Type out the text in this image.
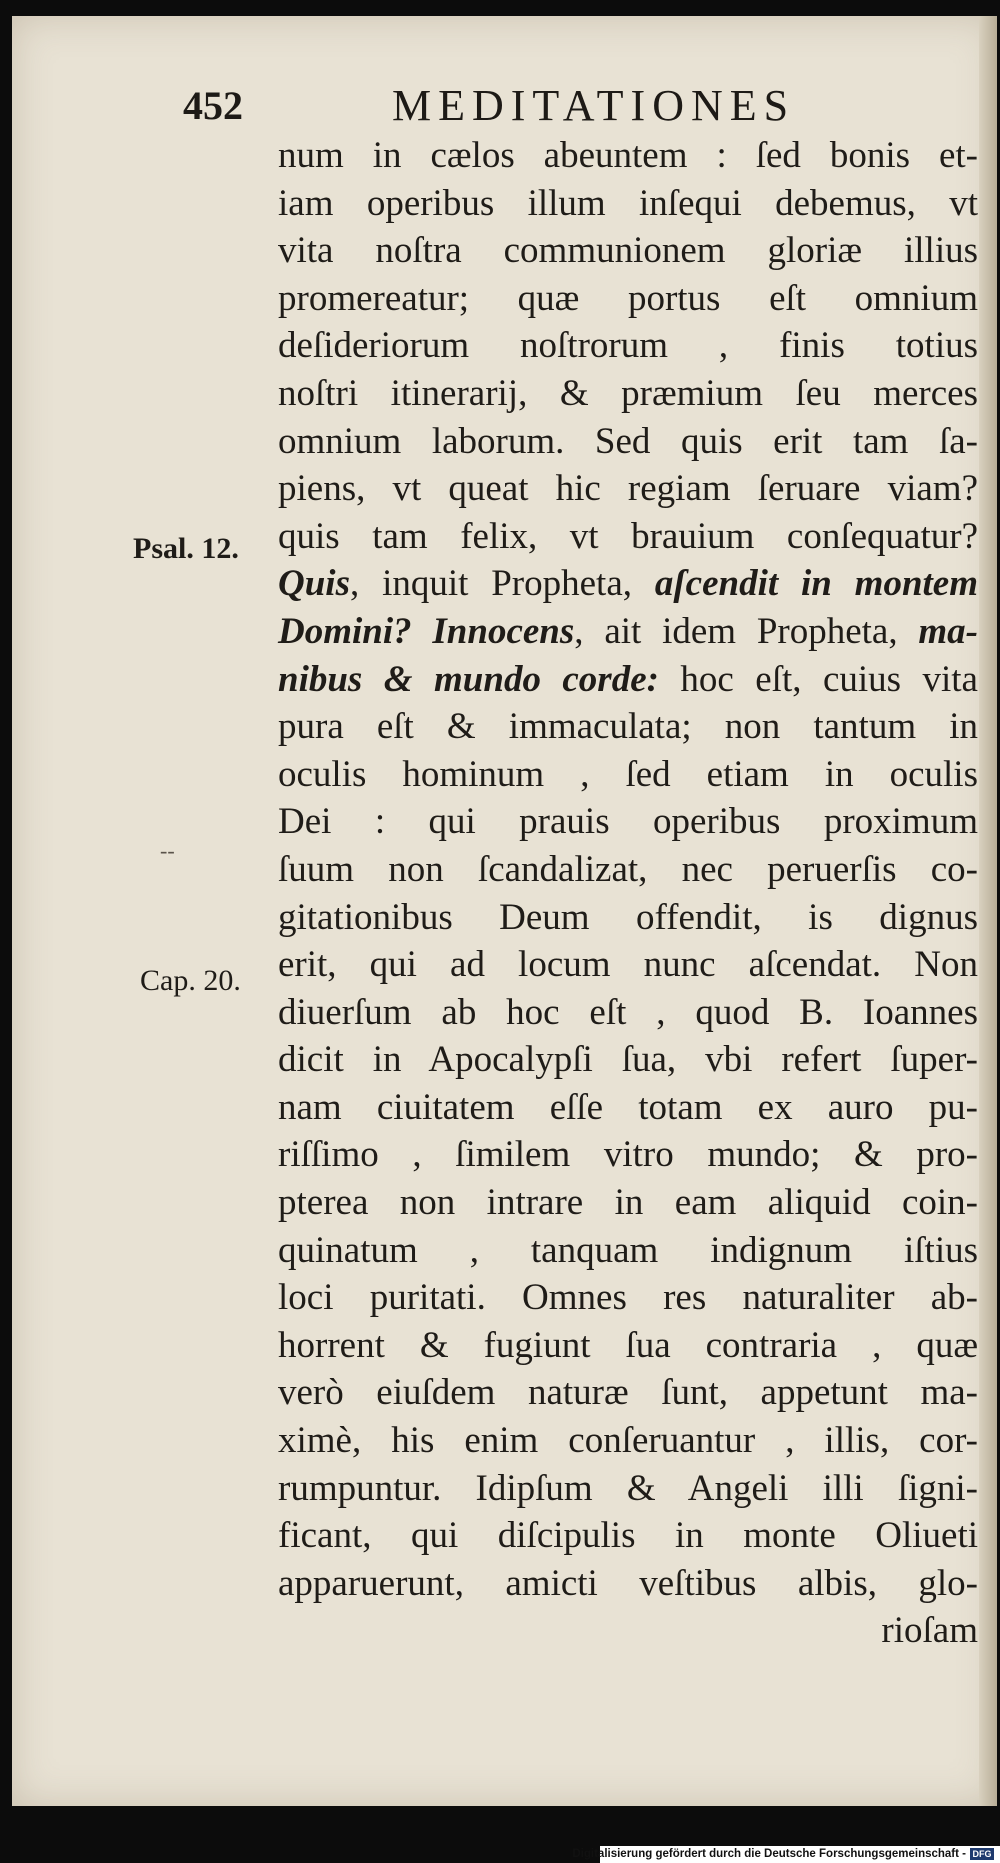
452	MEDITATIONES
Psal. 12.
--
Cap. 20.
num in cælos abeuntem : ſed bonis et-
iam operibus illum inſequi debemus, vt
vita noſtra communionem gloriæ illius
promereatur; quæ portus eſt omnium
deſideriorum noſtrorum , finis totius
noſtri itinerarij, & præmium ſeu merces
omnium laborum. Sed quis erit tam ſa-
piens, vt queat hic regiam ſeruare viam?
quis tam felix, vt brauium conſequatur?
Quis, inquit Propheta, aſcendit in montem
Domini? Innocens, ait idem Propheta, ma-
nibus & mundo corde: hoc eſt, cuius vita
pura eſt & immaculata; non tantum in
oculis hominum , ſed etiam in oculis
Dei : qui prauis operibus proximum
ſuum non ſcandalizat, nec peruerſis co-
gitationibus Deum offendit, is dignus
erit, qui ad locum nunc aſcendat. Non
diuerſum ab hoc eſt , quod B. Ioannes
dicit in Apocalypſi ſua, vbi refert ſuper-
nam ciuitatem eſſe totam ex auro pu-
riſſimo , ſimilem vitro mundo; & pro-
pterea non intrare in eam aliquid coin-
quinatum , tanquam indignum iſtius
loci puritati. Omnes res naturaliter ab-
horrent & fugiunt ſua contraria , quæ
verò eiuſdem naturæ ſunt, appetunt ma-
ximè, his enim conſeruantur , illis, cor-
rumpuntur. Idipſum & Angeli illi ſigni-
ficant, qui diſcipulis in monte Oliueti
apparuerunt, amicti veſtibus albis, glo-
rioſam
Digitalisierung gefördert durch die Deutsche Forschungsgemeinschaft - DFG
